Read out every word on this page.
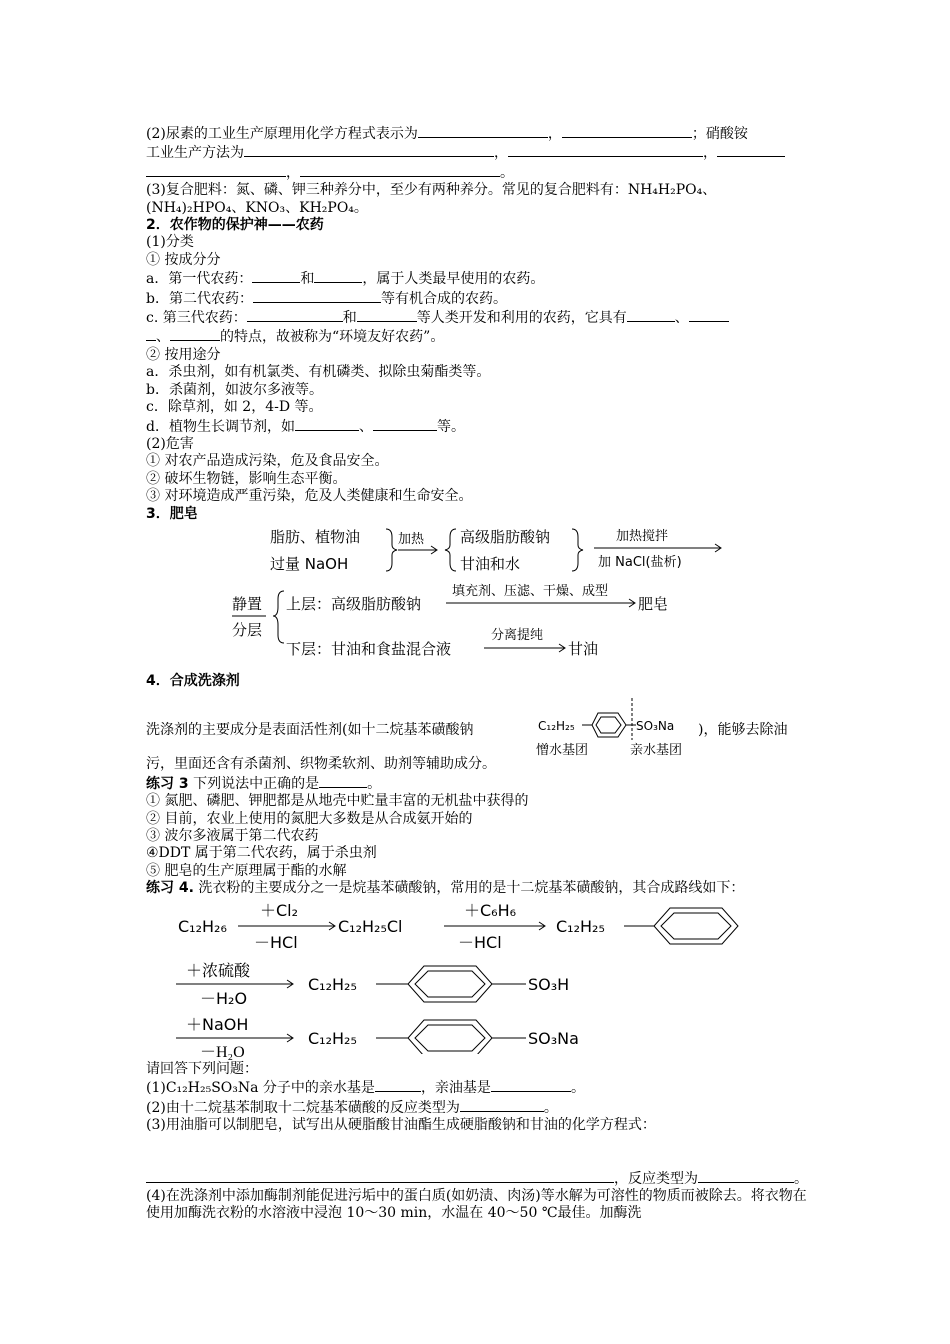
(2)尿素的工业生产原理用化学方程式表示为	，	；硝酸铵

工业生产方法为	，	，

，	。

(3)复合肥料：氮、磷、钾三种养分中，至少有两种养分。常见的复合肥料有：NH₄H₂PO₄、(NH₄)₂HPO₄、KNO₃、KH₂PO₄。

2．农作物的保护神——农药

(1)分类

① 按成分分

a．第一代农药：	和	，属于人类最早使用的农药。

b．第二代农药：	等有机合成的农药。

c. 第三代农药：	和	等人类开发和利用的农药，它具有	、
、	的特点，故被称为“环境友好农药”。

② 按用途分

a．杀虫剂，如有机氯类、有机磷类、拟除虫菊酯类等。

b．杀菌剂，如波尔多液等。

c．除草剂，如 2，4-D 等。

d．植物生长调节剂，如	、	等。

(2)危害

① 对农产品造成污染，危及食品安全。

② 破坏生物链，影响生态平衡。

③ 对环境造成严重污染，危及人类健康和生命安全。

3．肥皂

脂肪、植物油
过量 NaOH
加热 高级脂肪酸钠
甘油和水
加热搅拌
加 NaCl(盐析)
静置
分层
上层：高级脂肪酸钠
填充剂、压滤、干燥、成型
肥皂
下层：甘油和食盐混合液
分离提纯
甘油

4．合成洗涤剂

洗涤剂的主要成分是表面活性剂(如十二烷基苯磺酸钠	C₁₂H₂₅	SO₃Na
憎水基团	亲水基团
)，能够去除油

污，里面还含有杀菌剂、织物柔软剂、助剂等辅助成分。

练习 3 下列说法中正确的是	。

① 氮肥、磷肥、钾肥都是从地壳中贮量丰富的无机盐中获得的

② 目前，农业上使用的氮肥大多数是从合成氨开始的

③ 波尔多液属于第二代农药

④DDT 属于第二代农药，属于杀虫剂

⑤ 肥皂的生产原理属于酯的水解

练习 4. 洗衣粉的主要成分之一是烷基苯磺酸钠，常用的是十二烷基苯磺酸钠，其合成路线如下：

C₁₂H₂₆
＋Cl₂
－HCl
C₁₂H₂₅Cl
＋C₆H₆
－HCl
C₁₂H₂₅
＋浓硫酸
－H₂O
C₁₂H₂₅	SO₃H
＋NaOH
C₁₂H₂₅	SO₃Na

－H₂O

请回答下列问题：

(1)C₁₂H₂₅SO₃Na 分子中的亲水基是	，亲油基是	。

(2)由十二烷基苯制取十二烷基苯磺酸的反应类型为	。

(3)用油脂可以制肥皂，试写出从硬脂酸甘油酯生成硬脂酸钠和甘油的化学方程式：

，反应类型为	。

(4)在洗涤剂中添加酶制剂能促进污垢中的蛋白质(如奶渍、肉汤)等水解为可溶性的物质而被除去。将衣物在使用加酶洗衣粉的水溶液中浸泡 10～30 min，水温在 40～50 ℃最佳。加酶洗
